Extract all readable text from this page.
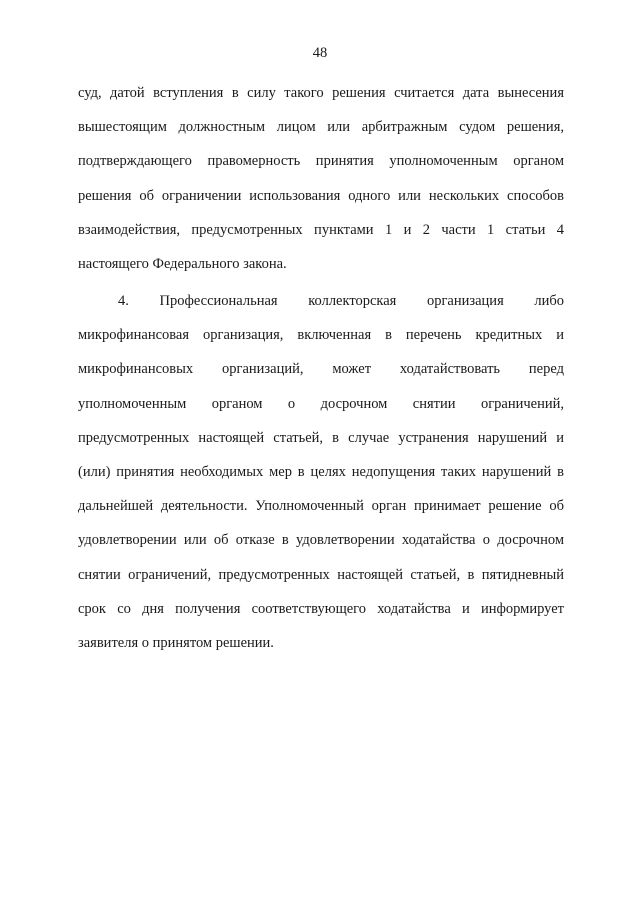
48
суд, датой вступления в силу такого решения считается дата вынесения
вышестоящим должностным лицом или арбитражным судом решения,
подтверждающего правомерность принятия уполномоченным органом
решения об ограничении использования одного или нескольких способов
взаимодействия, предусмотренных пунктами 1 и 2 части 1 статьи 4
настоящего Федерального закона.
4. Профессиональная коллекторская организация либо
микрофинансовая организация, включенная в перечень кредитных и
микрофинансовых организаций, может ходатайствовать перед
уполномоченным органом о досрочном снятии ограничений,
предусмотренных настоящей статьей, в случае устранения нарушений и
(или) принятия необходимых мер в целях недопущения таких нарушений в
дальнейшей деятельности. Уполномоченный орган принимает решение об
удовлетворении или об отказе в удовлетворении ходатайства о досрочном
снятии ограничений, предусмотренных настоящей статьей, в пятидневный
срок со дня получения соответствующего ходатайства и информирует
заявителя о принятом решении.
